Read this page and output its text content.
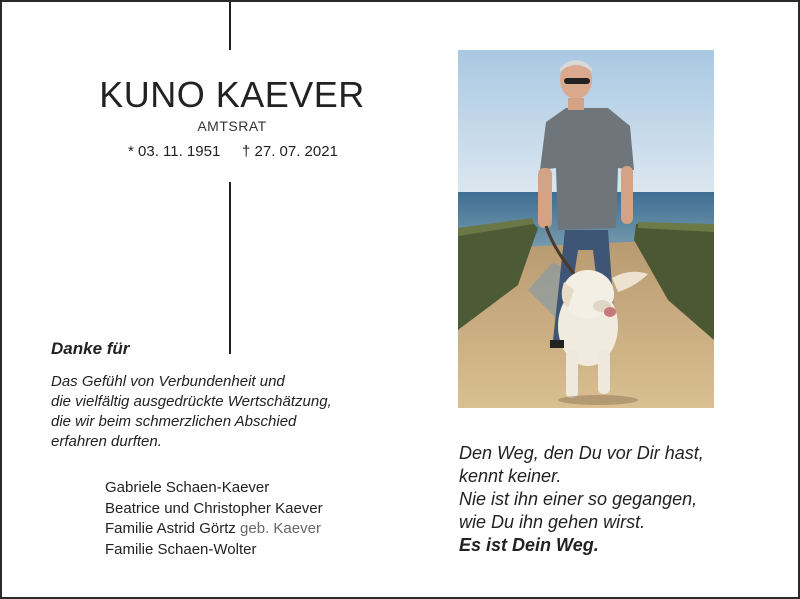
KUNO KAEVER
AMTSRAT
* 03. 11. 1951 † 27. 07. 2021
Danke für
Das Gefühl von Verbundenheit und
die vielfältig ausgedrückte Wertschätzung,
die wir beim schmerzlichen Abschied
erfahren durften.
Gabriele Schaen-Kaever
Beatrice und Christopher Kaever
Familie Astrid Görtz geb. Kaever
Familie Schaen-Wolter
Den Weg, den Du vor Dir hast,
kennt keiner.
Nie ist ihn einer so gegangen,
wie Du ihn gehen wirst.
Es ist Dein Weg.
